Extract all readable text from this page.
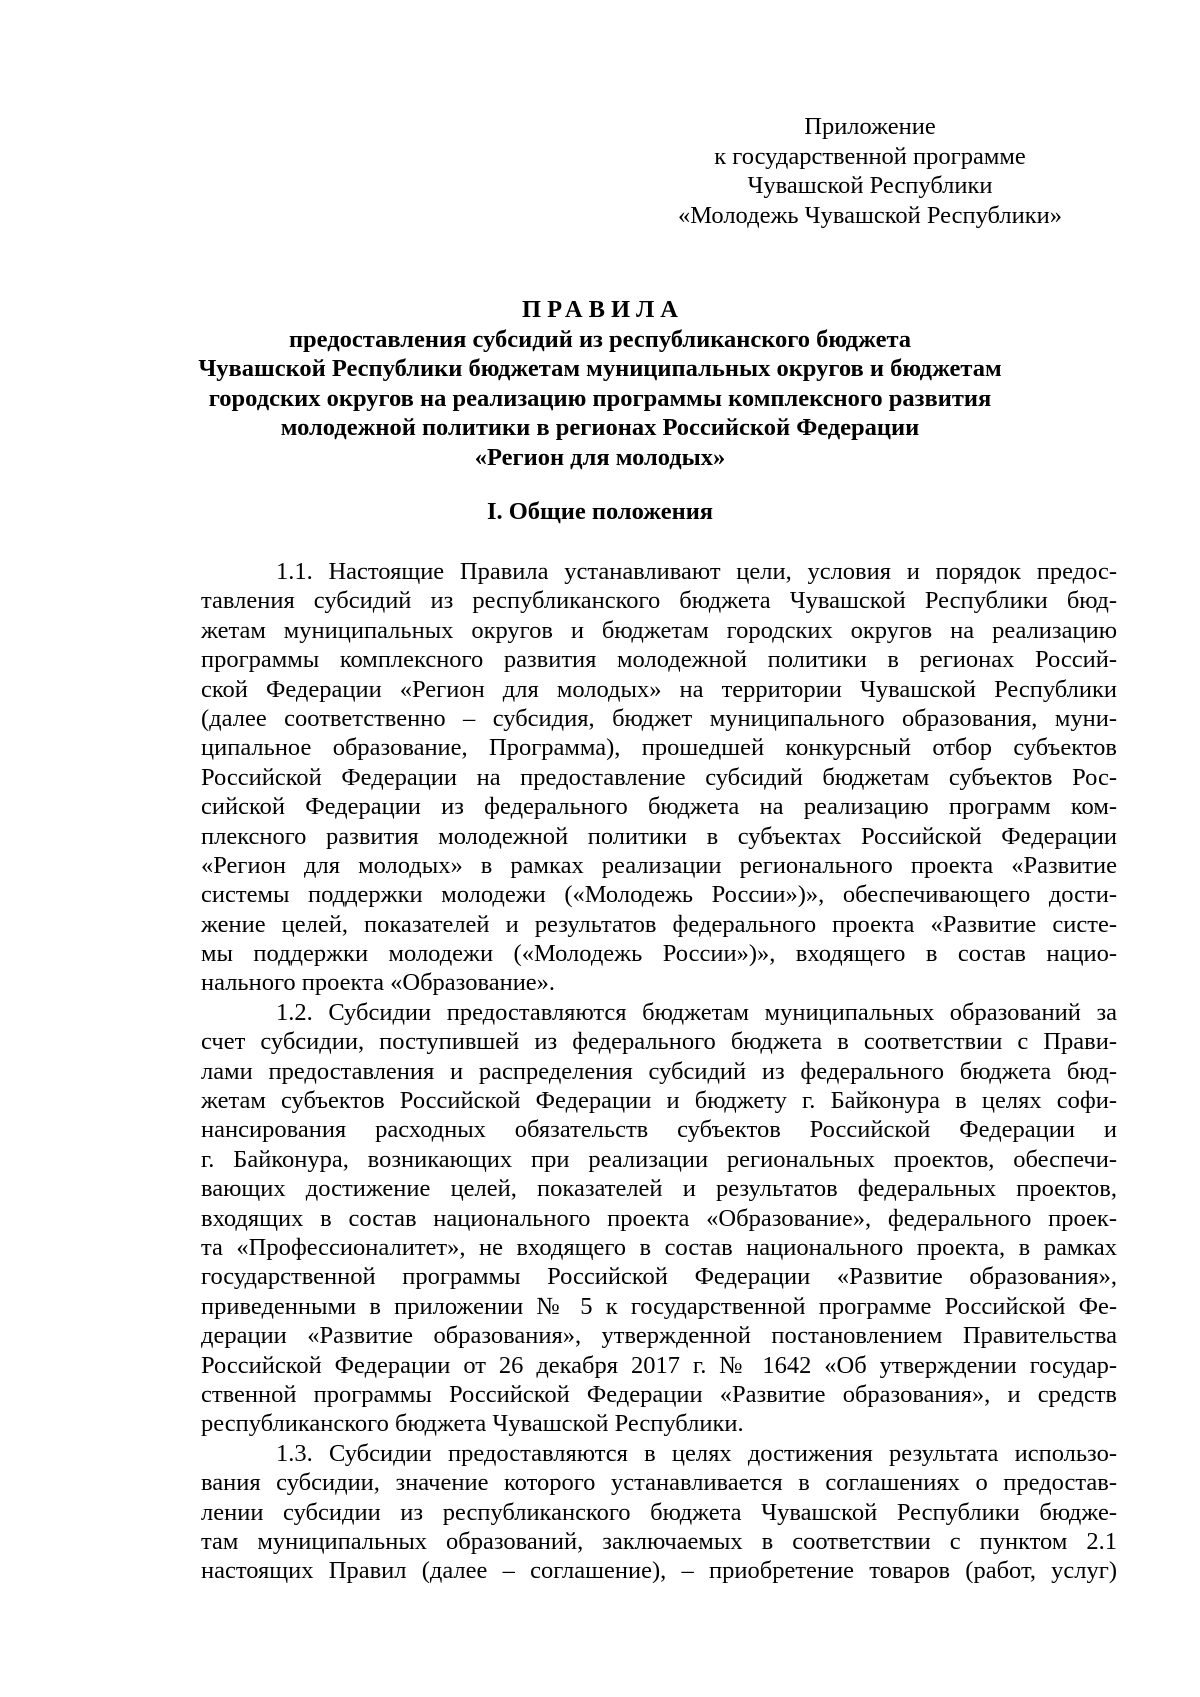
Приложение
к государственной программе
Чувашской Республики
«Молодежь Чувашской Республики»
ПРАВИЛА
предоставления субсидий из республиканского бюджета
Чувашской Республики бюджетам муниципальных округов и бюджетам
городских округов на реализацию программы комплексного развития
молодежной политики в регионах Российской Федерации
«Регион для молодых»
I. Общие положения
1.1. Настоящие Правила устанавливают цели, условия и порядок предос-
тавления субсидий из республиканского бюджета Чувашской Республики бюд-
жетам муниципальных округов и бюджетам городских округов на реализацию
программы комплексного развития молодежной политики в регионах Россий-
ской Федерации «Регион для молодых» на территории Чувашской Республики
(далее соответственно – субсидия, бюджет муниципального образования, муни-
ципальное образование, Программа), прошедшей конкурсный отбор субъектов
Российской Федерации на предоставление субсидий бюджетам субъектов Рос-
сийской Федерации из федерального бюджета на реализацию программ ком-
плексного развития молодежной политики в субъектах Российской Федерации
«Регион для молодых» в рамках реализации регионального проекта «Развитие
системы поддержки молодежи («Молодежь России»)», обеспечивающего дости-
жение целей, показателей и результатов федерального проекта «Развитие систе-
мы поддержки молодежи («Молодежь России»)», входящего в состав нацио-
нального проекта «Образование».
1.2. Субсидии предоставляются бюджетам муниципальных образований за
счет субсидии, поступившей из федерального бюджета в соответствии с Прави-
лами предоставления и распределения субсидий из федерального бюджета бюд-
жетам субъектов Российской Федерации и бюджету г. Байконура в целях софи-
нансирования расходных обязательств субъектов Российской Федерации и
г. Байконура, возникающих при реализации региональных проектов, обеспечи-
вающих достижение целей, показателей и результатов федеральных проектов,
входящих в состав национального проекта «Образование», федерального проек-
та «Профессионалитет», не входящего в состав национального проекта, в рамках
государственной программы Российской Федерации «Развитие образования»,
приведенными в приложении № 5 к государственной программе Российской Фе-
дерации «Развитие образования», утвержденной постановлением Правительства
Российской Федерации от 26 декабря 2017 г. № 1642 «Об утверждении государ-
ственной программы Российской Федерации «Развитие образования», и средств
республиканского бюджета Чувашской Республики.
1.3. Субсидии предоставляются в целях достижения результата использо-
вания субсидии, значение которого устанавливается в соглашениях о предостав-
лении субсидии из республиканского бюджета Чувашской Республики бюдже-
там муниципальных образований, заключаемых в соответствии с пунктом 2.1
настоящих Правил (далее – соглашение), – приобретение товаров (работ, услуг)
